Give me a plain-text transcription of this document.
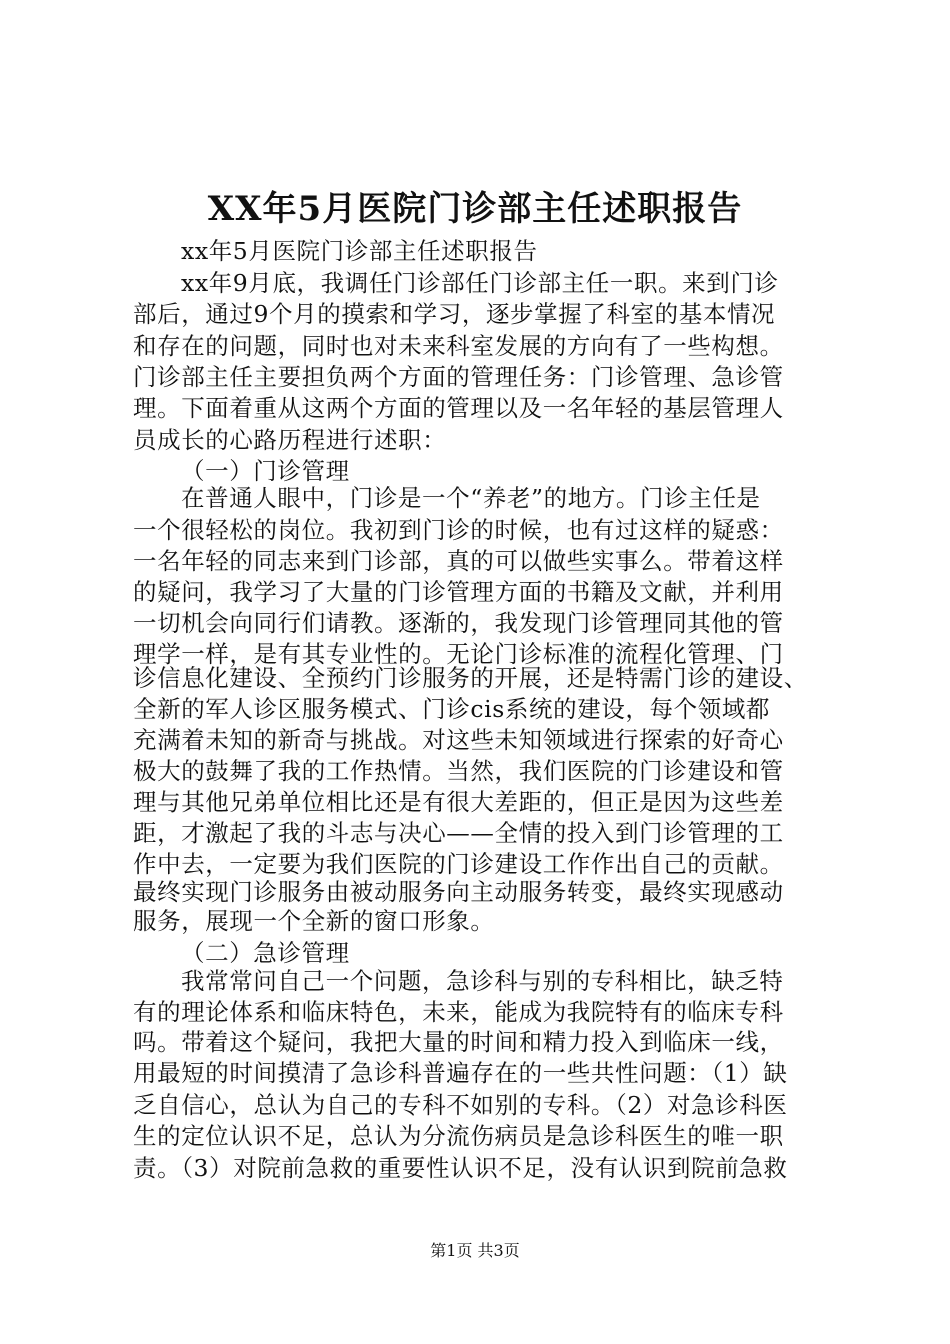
XX年5月医院门诊部主任述职报告
xx年5月医院门诊部主任述职报告
xx年9月底，我调任门诊部任门诊部主任一职。来到门诊
部后，通过9个月的摸索和学习，逐步掌握了科室的基本情况
和存在的问题，同时也对未来科室发展的方向有了一些构想。
门诊部主任主要担负两个方面的管理任务：门诊管理、急诊管
理。下面着重从这两个方面的管理以及一名年轻的基层管理人
员成长的心路历程进行述职：
（一）门诊管理
在普通人眼中，门诊是一个“养老”的地方。门诊主任是
一个很轻松的岗位。我初到门诊的时候，也有过这样的疑惑：
一名年轻的同志来到门诊部，真的可以做些实事么。带着这样
的疑问，我学习了大量的门诊管理方面的书籍及文献，并利用
一切机会向同行们请教。逐渐的，我发现门诊管理同其他的管
理学一样，是有其专业性的。无论门诊标准的流程化管理、门
诊信息化建设、全预约门诊服务的开展，还是特需门诊的建设、
全新的军人诊区服务模式、门诊cis系统的建设，每个领域都
充满着未知的新奇与挑战。对这些未知领域进行探索的好奇心
极大的鼓舞了我的工作热情。当然，我们医院的门诊建设和管
理与其他兄弟单位相比还是有很大差距的，但正是因为这些差
距，才激起了我的斗志与决心——全情的投入到门诊管理的工
作中去，一定要为我们医院的门诊建设工作作出自己的贡献。
最终实现门诊服务由被动服务向主动服务转变，最终实现感动
服务，展现一个全新的窗口形象。
（二）急诊管理
我常常问自己一个问题，急诊科与别的专科相比，缺乏特
有的理论体系和临床特色，未来，能成为我院特有的临床专科
吗。带着这个疑问，我把大量的时间和精力投入到临床一线，
用最短的时间摸清了急诊科普遍存在的一些共性问题：（1）缺
乏自信心，总认为自己的专科不如别的专科。（2）对急诊科医
生的定位认识不足，总认为分流伤病员是急诊科医生的唯一职
责。（3）对院前急救的重要性认识不足，没有认识到院前急救
第1页 共3页
